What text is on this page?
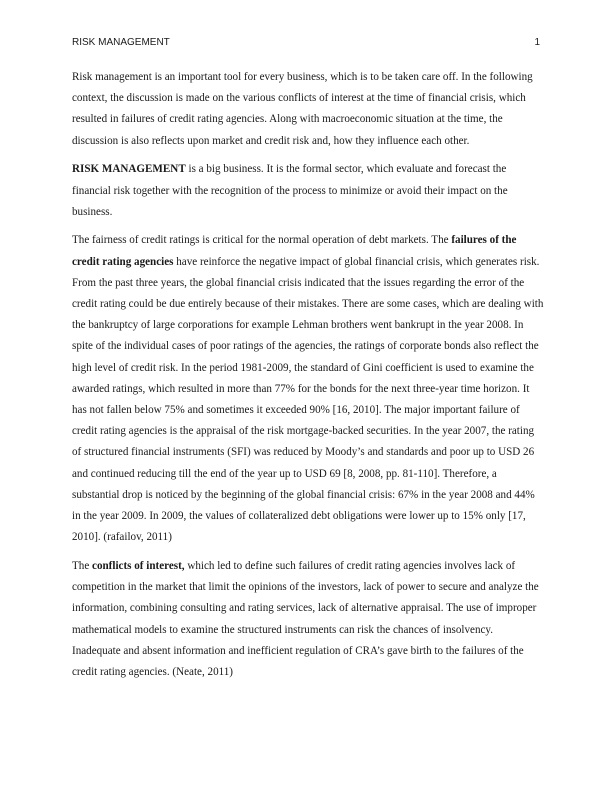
RISK MANAGEMENT	1

Risk management is an important tool for every business, which is to be taken care off. In the following context, the discussion is made on the various conflicts of interest at the time of financial crisis, which resulted in failures of credit rating agencies. Along with macroeconomic situation at the time, the discussion is also reflects upon market and credit risk and, how they influence each other.

RISK MANAGEMENT is a big business. It is the formal sector, which evaluate and forecast the financial risk together with the recognition of the process to minimize or avoid their impact on the business.

The fairness of credit ratings is critical for the normal operation of debt markets. The failures of the credit rating agencies have reinforce the negative impact of global financial crisis, which generates risk. From the past three years, the global financial crisis indicated that the issues regarding the error of the credit rating could be due entirely because of their mistakes. There are some cases, which are dealing with the bankruptcy of large corporations for example Lehman brothers went bankrupt in the year 2008. In spite of the individual cases of poor ratings of the agencies, the ratings of corporate bonds also reflect the high level of credit risk. In the period 1981-2009, the standard of Gini coefficient is used to examine the awarded ratings, which resulted in more than 77% for the bonds for the next three-year time horizon. It has not fallen below 75% and sometimes it exceeded 90% [16, 2010]. The major important failure of credit rating agencies is the appraisal of the risk mortgage-backed securities. In the year 2007, the rating of structured financial instruments (SFI) was reduced by Moody’s and standards and poor up to USD 26 and continued reducing till the end of the year up to USD 69 [8, 2008, pp. 81-110]. Therefore, a substantial drop is noticed by the beginning of the global financial crisis: 67% in the year 2008 and 44% in the year 2009. In 2009, the values of collateralized debt obligations were lower up to 15% only [17, 2010]. (rafailov, 2011)

The conflicts of interest, which led to define such failures of credit rating agencies involves lack of competition in the market that limit the opinions of the investors, lack of power to secure and analyze the information, combining consulting and rating services, lack of alternative appraisal. The use of improper mathematical models to examine the structured instruments can risk the chances of insolvency. Inadequate and absent information and inefficient regulation of CRA’s gave birth to the failures of the credit rating agencies. (Neate, 2011)
